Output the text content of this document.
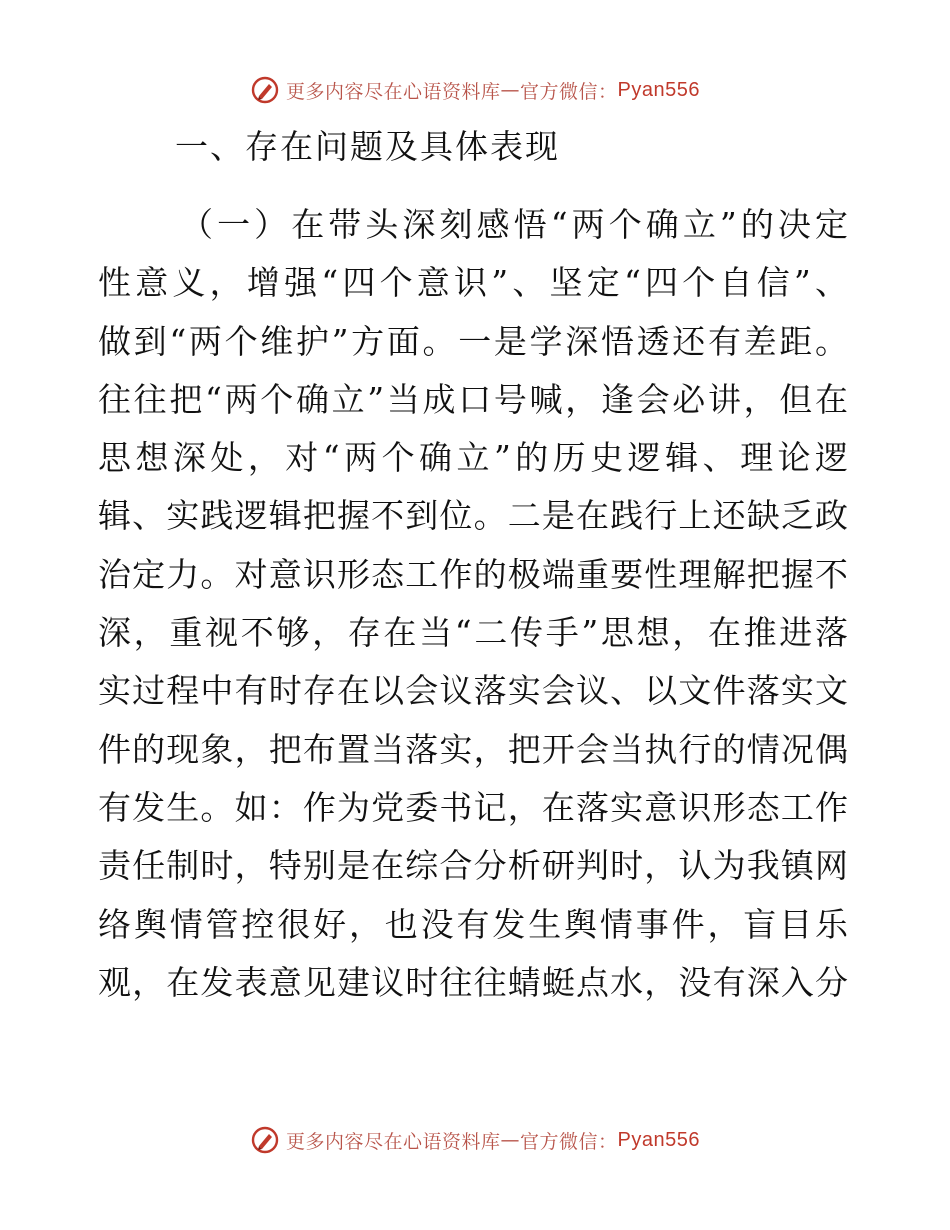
更多内容尽在心语资料库 — 官方微信： Pyan556
一、存在问题及具体表现
（一）在带头深刻感悟“两个确立”的决定
性意义，增强“四个意识”、坚定“四个自信”、
做到“两个维护”方面。一是学深悟透还有差距。
往往把“两个确立”当成口号喊，逢会必讲，但在
思想深处，对“两个确立”的历史逻辑、理论逻
辑、实践逻辑把握不到位。二是在践行上还缺乏政
治定力。对意识形态工作的极端重要性理解把握不
深，重视不够，存在当“二传手”思想，在推进落
实过程中有时存在以会议落实会议、以文件落实文
件的现象，把布置当落实，把开会当执行的情况偶
有发生。如：作为党委书记，在落实意识形态工作
责任制时，特别是在综合分析研判时，认为我镇网
络舆情管控很好，也没有发生舆情事件，盲目乐
观，在发表意见建议时往往蜻蜓点水，没有深入分
更多内容尽在心语资料库 — 官方微信： Pyan556
